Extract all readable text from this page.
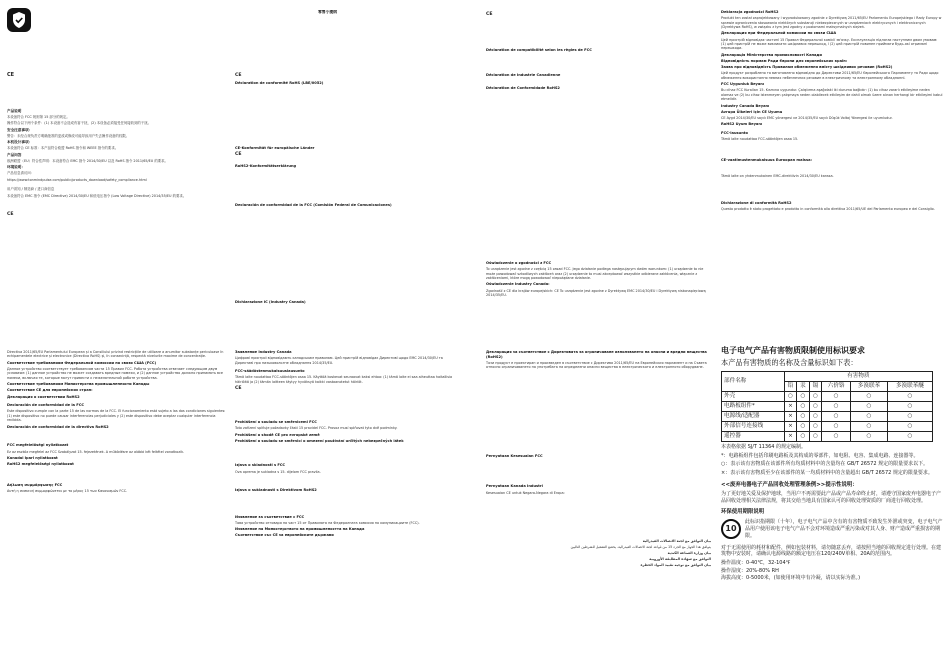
CE
产品说明
本设备符合 FCC 规则第 15 部分的规定。
操作符合以下两个条件：(1) 本设备不会造成有害干扰，(2) 本设备必须接受任何接收到的干扰。
安全注意事项：
警告：未经合规负责方明确批准的更改或修改可能导致用户失去操作设备的权限。
本机设计事项：
本设备符合 CE 标准：本产品符合欧盟 RoHS 指令和 WEEE 指令的要求。
产品问答
欧洲联盟（EU）符合性声明：本设备符合 EMC 指令 2014/30/EU 以及 RoHS 指令 2011/65/EU 的要求。
环境说明：
产品信息请访问：
https://www.tonmindpulse.com/public/products_download/safety_compliance.html
用户须知 / 制造商 / 进口商信息
本设备符合 EMC 指令 (EMC Directive) 2014/30/EU 和低电压指令 (Low Voltage Directive) 2014/35/EU 的要求。
CE
零售小提纲
CE
Déclaration de conformité RoHS (LBE/0052)
CE-Konformität für europäische Länder
CE
RoHS2-Konformitätserklärung
Declaración de conformidad de la FCC (Comisión Federal de Comunicaciones)
Dichiarazione IC (Industry Canada)
CE
Déclaration de compatibilité selon les règles de FCC
Déclaration de Industrie Canadienne
Déclaration de Conformidade RoHS2
Oświadczenie o zgodności z FCC
To urządzenie jest zgodne z częścią 15 zasad FCC. Jego działanie podlega następującym dwóm warunkom: (1) urządzenie to nie może powodować szkodliwych zakłóceń oraz (2) urządzenie to musi akceptować wszystkie odbierane zakłócenia, włącznie z zakłóceniami, które mogą powodować niepożądane działanie.
Oświadczenie Industry Canada:
Zgodność z CE dla krajów europejskich: CE To urządzenie jest zgodne z Dyrektywą EMC 2014/30/EU i Dyrektywą niskonapięciową 2014/35/EU.
Deklaracja zgodności RoHS2
Produkt ten został zaprojektowany i wyprodukowany zgodnie z Dyrektywą 2011/65/EU Parlamentu Europejskiego i Rady Europy w sprawie ograniczenia stosowania niektórych substancji niebezpiecznych w urządzeniach elektrycznych i elektronicznych (Dyrektywa RoHS), w związku z tym jest zgodny z poziomami maksymalnych stężeń.
Декларация при Федеральной комиссии по связи США
Цей пристрій відповідає частині 15 Правил Федеральної комісії зв'язку. Експлуатація підлягає наступним двом умовам: (1) цей пристрій не може викликати шкідливих перешкод, і (2) цей пристрій повинен приймати будь-які отримані перешкоди.
Декларація Міністерства промисловості Канади
Відповідність нормам Ради Європи для європейських країн:
Заява про відповідність Правилам обмеження вмісту шкідливих речовин (RoHS2)
Цей продукт розроблено та виготовлено відповідно до Директиви 2011/65/EU Європейського Парламенту та Ради щодо обмеження використання певних небезпечних речовин в електричному та електронному обладнанні.
FCC Uygunluk Beyanı
Bu cihaz FCC Kuralları 15. Kısmına uygundur. Çalıştırma aşağıdaki iki duruma bağlıdır: (1) bu cihaz zararlı etkileşime neden olamaz ve (2) bu cihaz istenmeyen çalışmaya neden olabilecek etkileşim de dahil olmak üzere alınan herhangi bir etkileşimi kabul etmelidir.
Industry Canada Beyanı
Avrupa Ülkeleri için CE Uyumu
CE Aygıt 2014/30/EU sayılı EMC yönergesi ve 2014/35/EU sayılı Düşük Voltaj Yönergesi ile uyumludur.
RoHS2 Uyum Beyanı
FCC-lausunto
Tämä laite noudattaa FCC-sääntöjen osaa 15.
CE-vaatimustenmukaisuus Euroopan maissa:
Tämä laite on yhdenmukainen EMC-direktiivin 2014/30/EU kanssa.
Dichiarazione di conformità RoHS2
Questo prodotto è stato progettato e prodotto in conformità alla direttiva 2011/65/UE del Parlamento europeo e del Consiglio.
Directiva 2011/65/EU Parlamentului European și a Consiliului privind restricțiile de utilizare a anumitor substanțe periculoase în echipamentele electrice și electronice (Directiva RoHS) și, în consecință, respectă nivelurile maxime de concentrație.
Соответствие требованиям Федеральной комиссии по связи США (FCC)
Данное устройство соответствует требованиям части 15 Правил FCC. Работа устройства отвечает следующим двум условиям: (1) данное устройство не может создавать вредные помехи, и (2) данное устройство должно принимать все помехи, включая те, которые могут привести к нежелательной работе устройства.
Соответствие требованиям Министерства промышленности Канады
Соответствие CE для европейских стран:
Декларация о соответствии RoHS2
Declaración de conformidad de la FCC
Este dispositivo cumple con la parte 15 de las normas de la FCC. El funcionamiento está sujeto a las dos condiciones siguientes: (1) este dispositivo no puede causar interferencias perjudiciales y (2) este dispositivo debe aceptar cualquier interferencia recibida.
Declaración de conformidad de la directiva RoHS2
FCC megfelelőségi nyilatkozat
Ez az eszköz megfelel az FCC Szabályzat 15. fejezetének. A működésre az alábbi két feltétel vonatkozik.
Kanadai Ipari nyilatkozat
RoHS2 megfelelőségi nyilatkozat
Δήλωση συμμόρφωσης FCC
Αυτή η συσκευή συμμορφώνεται με το μέρος 15 των Κανονισμών FCC.
Заявление Industry Canada
Цифрові пристрої відповідають канадським правилам. Цей пристрій відповідає Директиві щодо ЕМС 2014/30/EU та Директиві про низьковольтне обладнання 2014/35/EU.
FCC-säädöstenmukaisuuslausunto
Tämä laite noudattaa FCC-sääntöjen osaa 15. Käyttöä koskevat seuraavat kaksi ehtoa: (1) tämä laite ei saa aiheuttaa haitallisia häiriöitä ja (2) tämän laitteen täytyy hyväksyä kaikki vastaanotetut häiriöt.
CE
Prohlášení o souladu se směrnicemi FCC
Toto zařízení splňuje požadavky části 15 pravidel FCC. Provoz musí splňovat tyto dvě podmínky.
Prohlášení o shodě CE pro evropské země
Prohlášení o souladu se směrnicí o omezení používání určitých nebezpečných látek
Izjava o skladnosti s FCC
Ova oprema je sukladna s 15. dijelom FCC pravila.
Izjava o sukladnosti s Direktivom RoHS2
Изявление за съответствие с FCC
Това устройство отговаря на част 15 от Правилата на Федералната комисия по комуникациите (FCC).
Изявление на Министерството на промишлеността на Канада
Съответствие със CE за европейските държави
Декларация за съответствие с Директивата за ограничаване използването на опасни и вредни вещества (RoHS2)
Този продукт е проектиран и произведен в съответствие с Директива 2011/65/EU на Европейския парламент и на Съвета относно ограничаването на употребата на определени опасни вещества в електрическото и електронното оборудване.
Pernyataan Kesesuaian FCC
Pernyataan Kanada Industri
Kesesuaian CE untuk Negara-Negara di Eropa:
بيان التوافق مع لجنة الاتصالات الفيدرالية
يتوافق هذا الجهاز مع الجزء 15 من قواعد لجنة الاتصالات الفيدرالية. يخضع التشغيل للشرطين التاليين
بيان وزارة الصناعة الكندية
التوافق مع شهادة المطابقة الأوروبية
بيان التوافق مع توجيه تقييد المواد الخطرة
电子电气产品有害物质限制使用标识要求
本产品有害物质的名称及含量标识如下表：
部件名称	有害物质					
	铅	汞	镉	六价铬	多溴联苯	多溴联苯醚
外壳	○	○	○	○	○	○
电路板组件*	×	○	○	○	○	○
电源线/适配器	×	○	○	○	○	○
外部信号连接线	×	○	○	○	○	○
遥控器	×	○	○	○	○	○
本表格依据 SJ/T 11364 的规定编制。
*：电路板组件包括印刷电路板及其构成的零部件，如电阻、电容、集成电路、连接器等。
○：表示该有害物质在该部件所有均质材料中的含量均在 GB/T 26572 规定的限量要求以下。
×：表示该有害物质至少在该部件的某一均质材料中的含量超出 GB/T 26572 规定的限量要求。
<<废弃电器电子产品回收处理管理条例>>提示性说明：
为了更好地关爱及保护地球，当用户不再需要此产品或产品寿命终止时，请遵守国家废弃电器电子产品回收处理相关法律法规，将其交给当地具有国家认可的回收处理资质的厂商进行回收处理。
环保使用期限说明
10
此标识指期限（十年），电子电气产品中含有的有害物质不致发生外泄或突变，电子电气产品用户使用该电子电气产品不会对环境造成严重污染或对其人身、财产造成严重损害的期限。
对于无需使用的耗材和配件，例如包装材料，请勿随意丢弃，请按照当地的回收规定进行处理。在建筑物中安装时，请确认电源线路的额定电压在120/240V单相、20A的范围内。
操作温度：0-40℃，32-104℉
操作湿度：20%-80% RH
海拔高度：0-5000米，(如使用环境中有冷凝，请以实际为准。)
